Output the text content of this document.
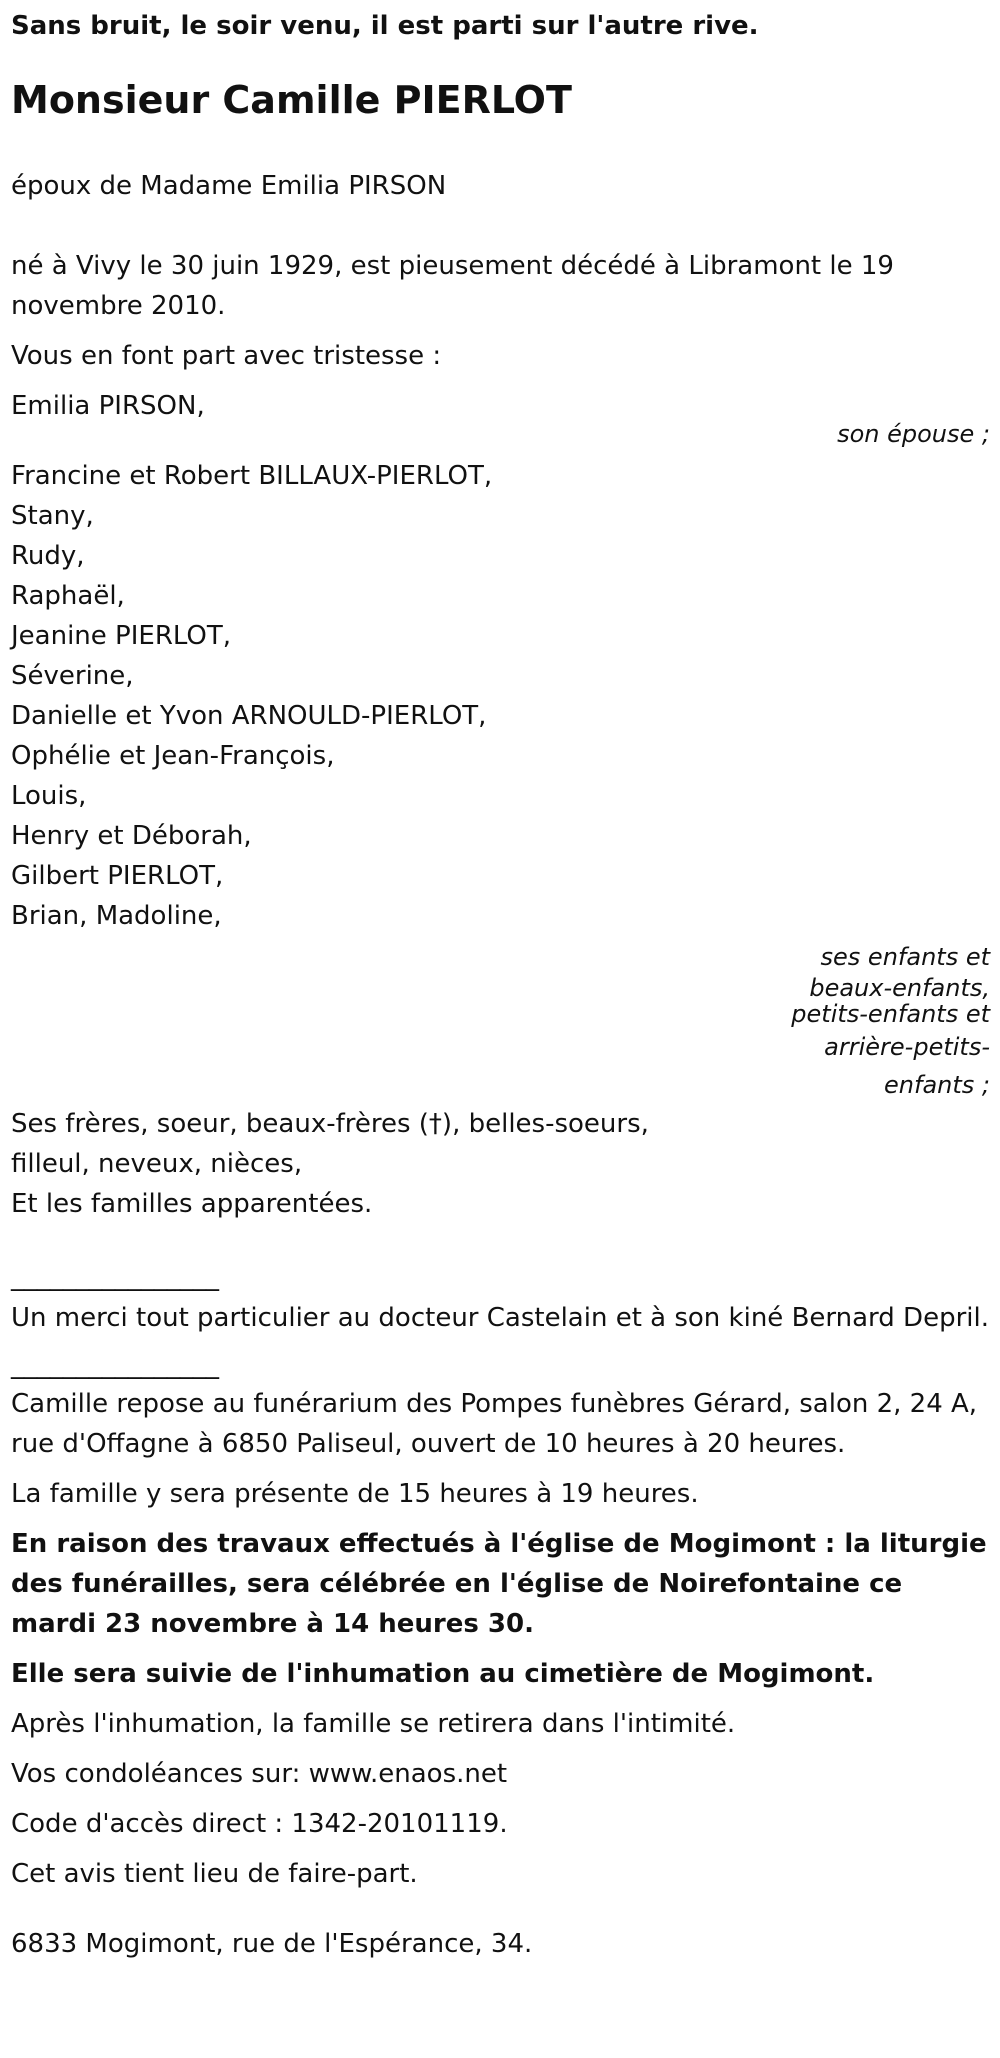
Sans bruit, le soir venu, il est parti sur l'autre rive.

Monsieur Camille PIERLOT

époux de Madame Emilia PIRSON

né à Vivy le 30 juin 1929, est pieusement décédé à Libramont le 19 novembre 2010.

Vous en font part avec tristesse :

Emilia PIRSON,

son épouse ;

Francine et Robert BILLAUX-PIERLOT,

Stany,

Rudy,

Raphaël,

Jeanine PIERLOT,

Séverine,

Danielle et Yvon ARNOULD-PIERLOT,

Ophélie et Jean-François,

Louis,

Henry et Déborah,

Gilbert PIERLOT,

Brian, Madoline,

ses enfants et

beaux-enfants,

petits-enfants et

arrière-petits-

enfants ;

Ses frères, soeur, beaux-frères (†), belles-soeurs,

filleul, neveux, nièces,

Et les familles apparentées.

________________

Un merci tout particulier au docteur Castelain et à son kiné Bernard Depril.

________________

Camille repose au funérarium des Pompes funèbres Gérard, salon 2, 24 A, rue d'Offagne à 6850 Paliseul, ouvert de 10 heures à 20 heures.

La famille y sera présente de 15 heures à 19 heures.

En raison des travaux effectués à l'église de Mogimont : la liturgie des funérailles, sera célébrée en l'église de Noirefontaine ce mardi 23 novembre à 14 heures 30.

Elle sera suivie de l'inhumation au cimetière de Mogimont.

Après l'inhumation, la famille se retirera dans l'intimité.

Vos condoléances sur: www.enaos.net

Code d'accès direct : 1342-20101119.

Cet avis tient lieu de faire-part.

6833 Mogimont, rue de l'Espérance, 34.
